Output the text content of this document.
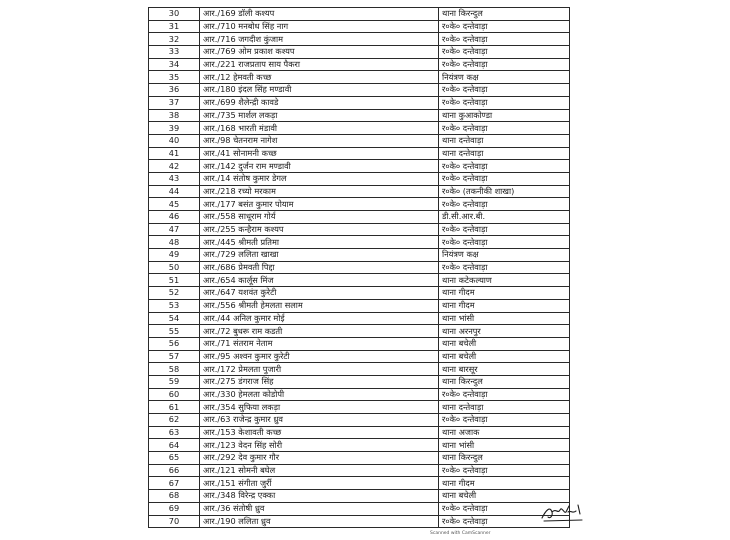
30	आर./169 डॉली कश्यप	थाना किरन्दुल
31	आर./710 मनबोध सिंह नाग	र०के० दन्तेवाड़ा
32	आर./716 जगदीश कुंजाम	र०के० दन्तेवाड़ा
33	आर./769 ओम प्रकाश कश्यप	र०के० दन्तेवाड़ा
34	आर./221 राजप्रताप साय पैकरा	र०के० दन्तेवाड़ा
35	आर./12 हेमवती कच्छ	नियंत्रण कक्ष
36	आर./180 इंदल सिंह मण्डावी	र०के० दन्तेवाड़ा
37	आर./699 शैलेन्द्री कावडे	र०के० दन्तेवाड़ा
38	आर./735 मार्शल लकड़ा	थाना कुआकोण्डा
39	आर./168 भारती मंडावी	र०के० दन्तेवाड़ा
40	आर./98 चेतनराम नागेश	थाना दन्तेवाड़ा
41	आर./41 सोनामनी कच्छ	थाना दन्तेवाड़ा
42	आर./142 दुर्जन राम मण्डावी	र०के० दन्तेवाड़ा
43	आर./14 संतोष कुमार डेगल	र०के० दन्तेवाड़ा
44	आर./218 रच्यो मरकाम	र०के० (तकनीकी शाखा)
45	आर./177 बसंत कुमार पोयाम	र०के० दन्तेवाड़ा
46	आर./558 साधूराम गोर्य	डी.सी.आर.बी.
47	आर./255 कन्हैराम कश्यप	र०के० दन्तेवाड़ा
48	आर./445 श्रीमती प्रतिमा	र०के० दन्तेवाड़ा
49	आर./729 ललिता खाखा	नियंत्रण कक्ष
50	आर./686 प्रेमवती पिद्दा	र०के० दन्तेवाड़ा
51	आर./654 कार्लूस मिंज	थाना कटेकल्याण
52	आर./647 यशवंत कुरेटी	थाना गीदम
53	आर./556 श्रीमती हेमलता सलाम	थाना गीदम
54	आर./44 अनिल कुमार मोई	थाना भांसी
55	आर./72 बुधरू राम कडती	थाना अरनपुर
56	आर./71 संतराम नेताम	थाना बचेली
57	आर./95 अश्वन कुमार कुरेटी	थाना बचेली
58	आर./172 प्रेमलता पुजारी	थाना बारसूर
59	आर./275 डंगराज सिंह	थाना किरन्दुल
60	आर./330 हेमलता कोडोपी	र०के० दन्तेवाड़ा
61	आर./354 सुफिया लकड़ा	थाना दन्तेवाड़ा
62	आर./63 राजेन्द्र कुमार ध्रुव	र०के० दन्तेवाड़ा
63	आर./153 केशावती कच्छ	थाना अजाक
64	आर./123 वेदन सिंह सोरी	थाना भांसी
65	आर./292 देव कुमार गौर	थाना किरन्दुल
66	आर./121 सोमनी बघेल	र०के० दन्तेवाड़ा
67	आर./151 संगीता जुर्री	थाना गीदम
68	आर./348 विरेन्द्र एक्का	थाना बचेली
69	आर./36 संतोषी ध्रुव	र०के० दन्तेवाड़ा
70	आर./190 ललिता ध्रुव	र०के० दन्तेवाड़ा
Scanned with CamScanner
